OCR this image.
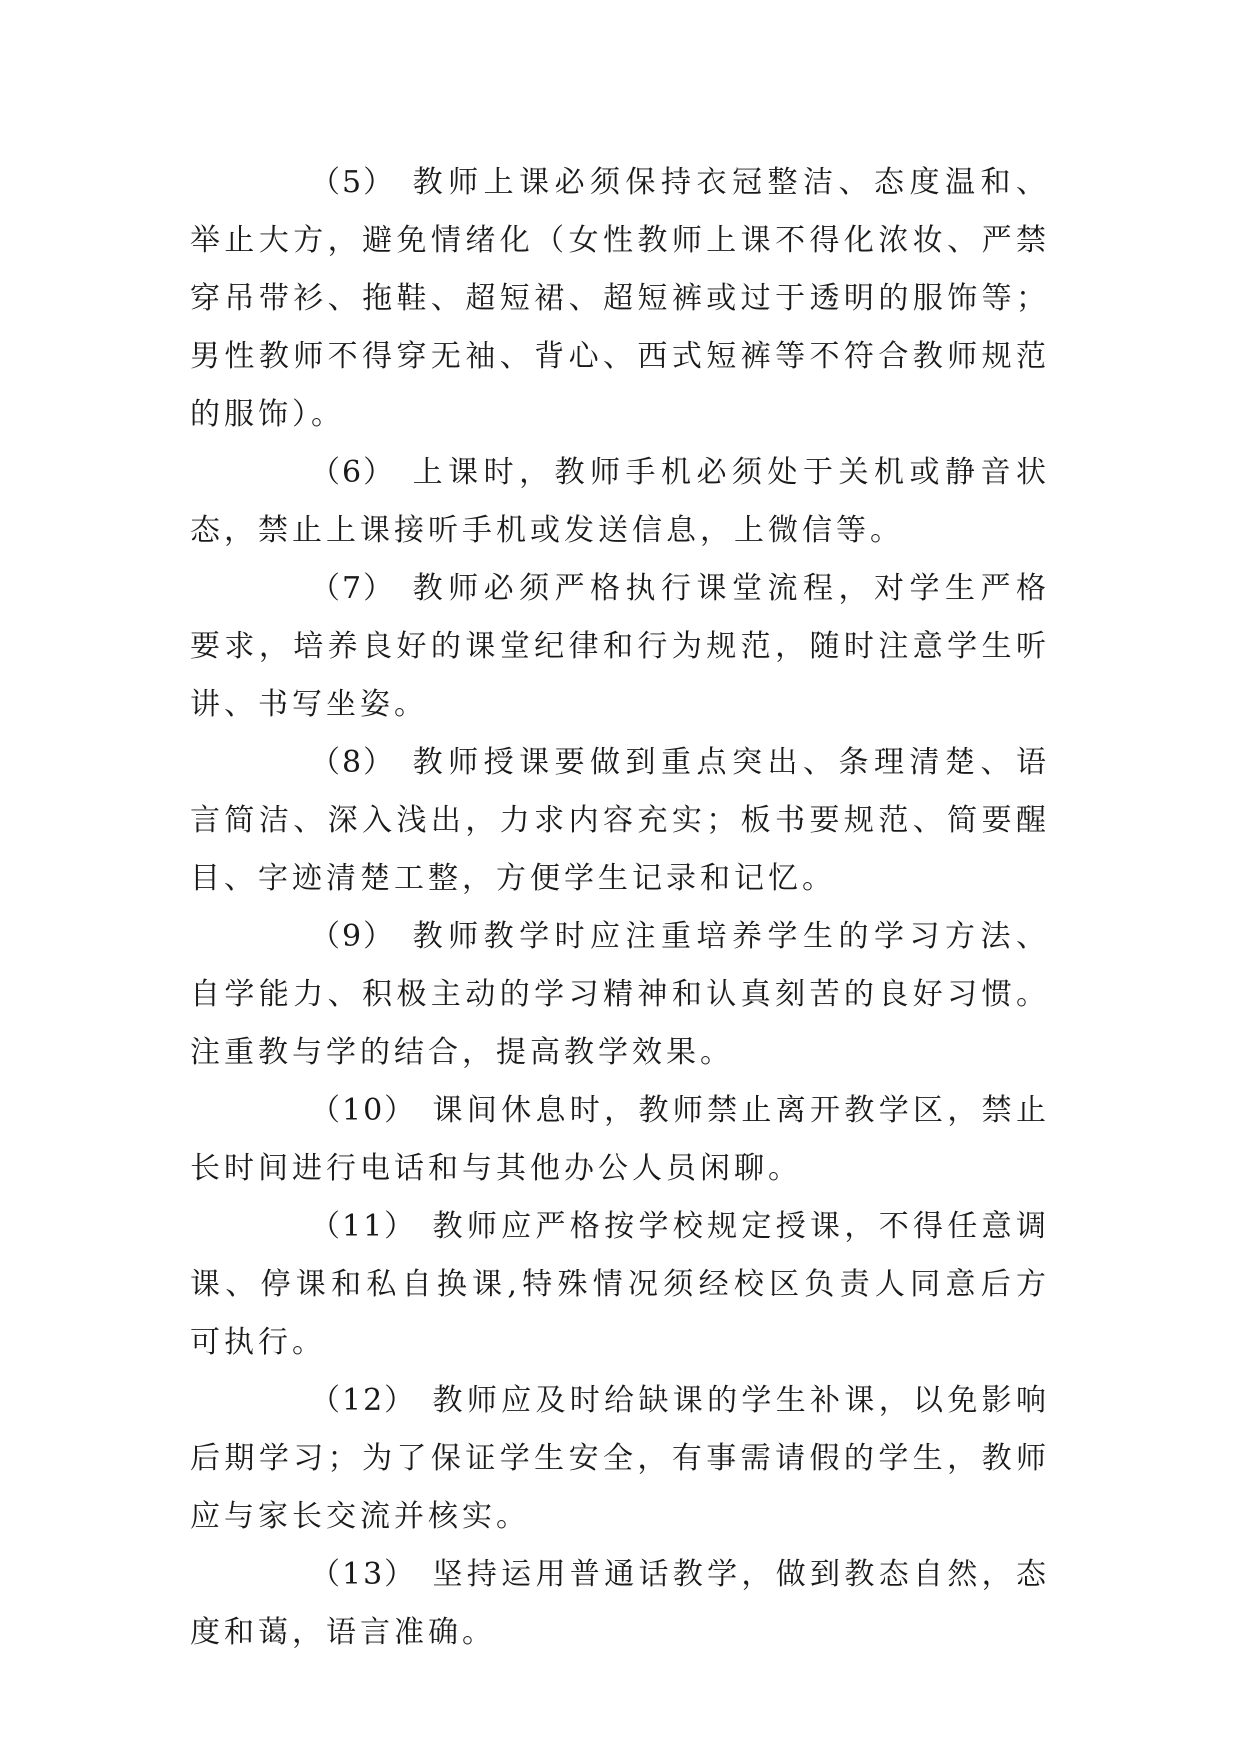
（5） 教师上课必须保持衣冠整洁、态度温和、举止大方，避免情绪化（女性教师上课不得化浓妆、严禁穿吊带衫、拖鞋、超短裙、超短裤或过于透明的服饰等；男性教师不得穿无袖、背心、西式短裤等不符合教师规范的服饰）。

（6） 上课时，教师手机必须处于关机或静音状态，禁止上课接听手机或发送信息，上微信等。

（7） 教师必须严格执行课堂流程，对学生严格要求，培养良好的课堂纪律和行为规范，随时注意学生听讲、书写坐姿。

（8） 教师授课要做到重点突出、条理清楚、语言简洁、深入浅出，力求内容充实；板书要规范、简要醒目、字迹清楚工整，方便学生记录和记忆。

（9） 教师教学时应注重培养学生的学习方法、自学能力、积极主动的学习精神和认真刻苦的良好习惯。注重教与学的结合，提高教学效果。

（10） 课间休息时，教师禁止离开教学区，禁止长时间进行电话和与其他办公人员闲聊。

（11） 教师应严格按学校规定授课，不得任意调课、停课和私自换课,特殊情况须经校区负责人同意后方可执行。

（12） 教师应及时给缺课的学生补课，以免影响后期学习；为了保证学生安全，有事需请假的学生，教师应与家长交流并核实。

（13） 坚持运用普通话教学，做到教态自然，态度和蔼，语言准确。
